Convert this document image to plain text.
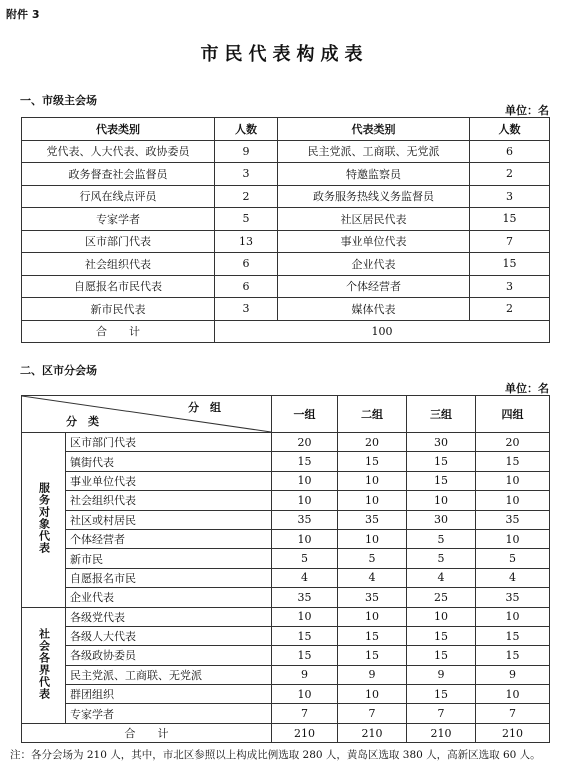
附件 3
市民代表构成表
一、市级主会场
单位：名
代表类别	人数	代表类别	人数
党代表、人大代表、政协委员	9	民主党派、工商联、无党派	6
政务督查社会监督员	3	特邀监察员	2
行风在线点评员	2	政务服务热线义务监督员	3
专家学者	5	社区居民代表	15
区市部门代表	13	事业单位代表	7
社会组织代表	6	企业代表	15
自愿报名市民代表	6	个体经营者	3
新市民代表	3	媒体代表	2
合　　计	100		
二、区市分会场
单位：名
分　组
分　类		一组	二组	三组	四组
服务对象代表	区市部门代表	20	20	30	20
	镇街代表	15	15	15	15
	事业单位代表	10	10	15	10
	社会组织代表	10	10	10	10
	社区或村居民	35	35	30	35
	个体经营者	10	10	5	10
	新市民	5	5	5	5
	自愿报名市民	4	4	4	4
	企业代表	35	35	25	35
社会各界代表	各级党代表	10	10	10	10
	各级人大代表	15	15	15	15
	各级政协委员	15	15	15	15
	民主党派、工商联、无党派	9	9	9	9
	群团组织	10	10	15	10
	专家学者	7	7	7	7
合　　计		210	210	210	210
注：各分会场为 210 人，其中，市北区参照以上构成比例选取 280 人，黄岛区选取 380 人，高新区选取 60 人。
